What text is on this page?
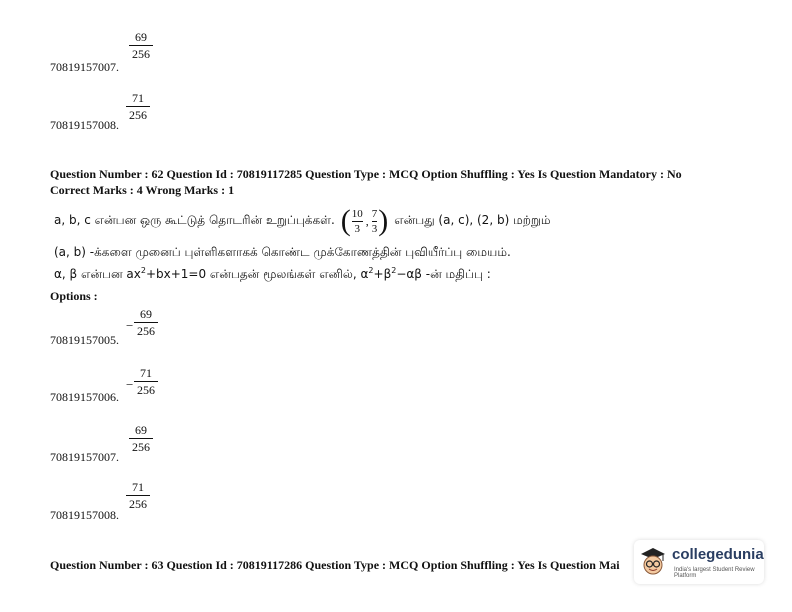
69
256
70819157007.
71
256
70819157008.
Question Number : 62 Question Id : 70819117285 Question Type : MCQ Option Shuffling : Yes Is Question Mandatory : No
Correct Marks : 4 Wrong Marks : 1
a, b, c என்பன ஒரு கூட்டுத் தொடரின் உறுப்புக்கள். ( 10
3
, 7
3 ) என்பது (a, c), (2, b) மற்றும்
(a, b) -க்களை முனைப் புள்ளிகளாகக் கொண்ட முக்கோணத்தின் புவியீர்ப்பு மையம்.
α, β என்பன $ax^2+bx+1=0$ என்பதன் மூலங்கள் எனில், $\alpha^2+\beta^2-\alpha\beta$ -ன் மதிப்பு :
Options :
−
69
256
70819157005.
−
71
256
70819157006.
69
256
70819157007.
71
256
70819157008.
Question Number : 63 Question Id : 70819117286 Question Type : MCQ Option Shuffling : Yes Is Question Mai
collegedunia
India's largest Student Review Platform
